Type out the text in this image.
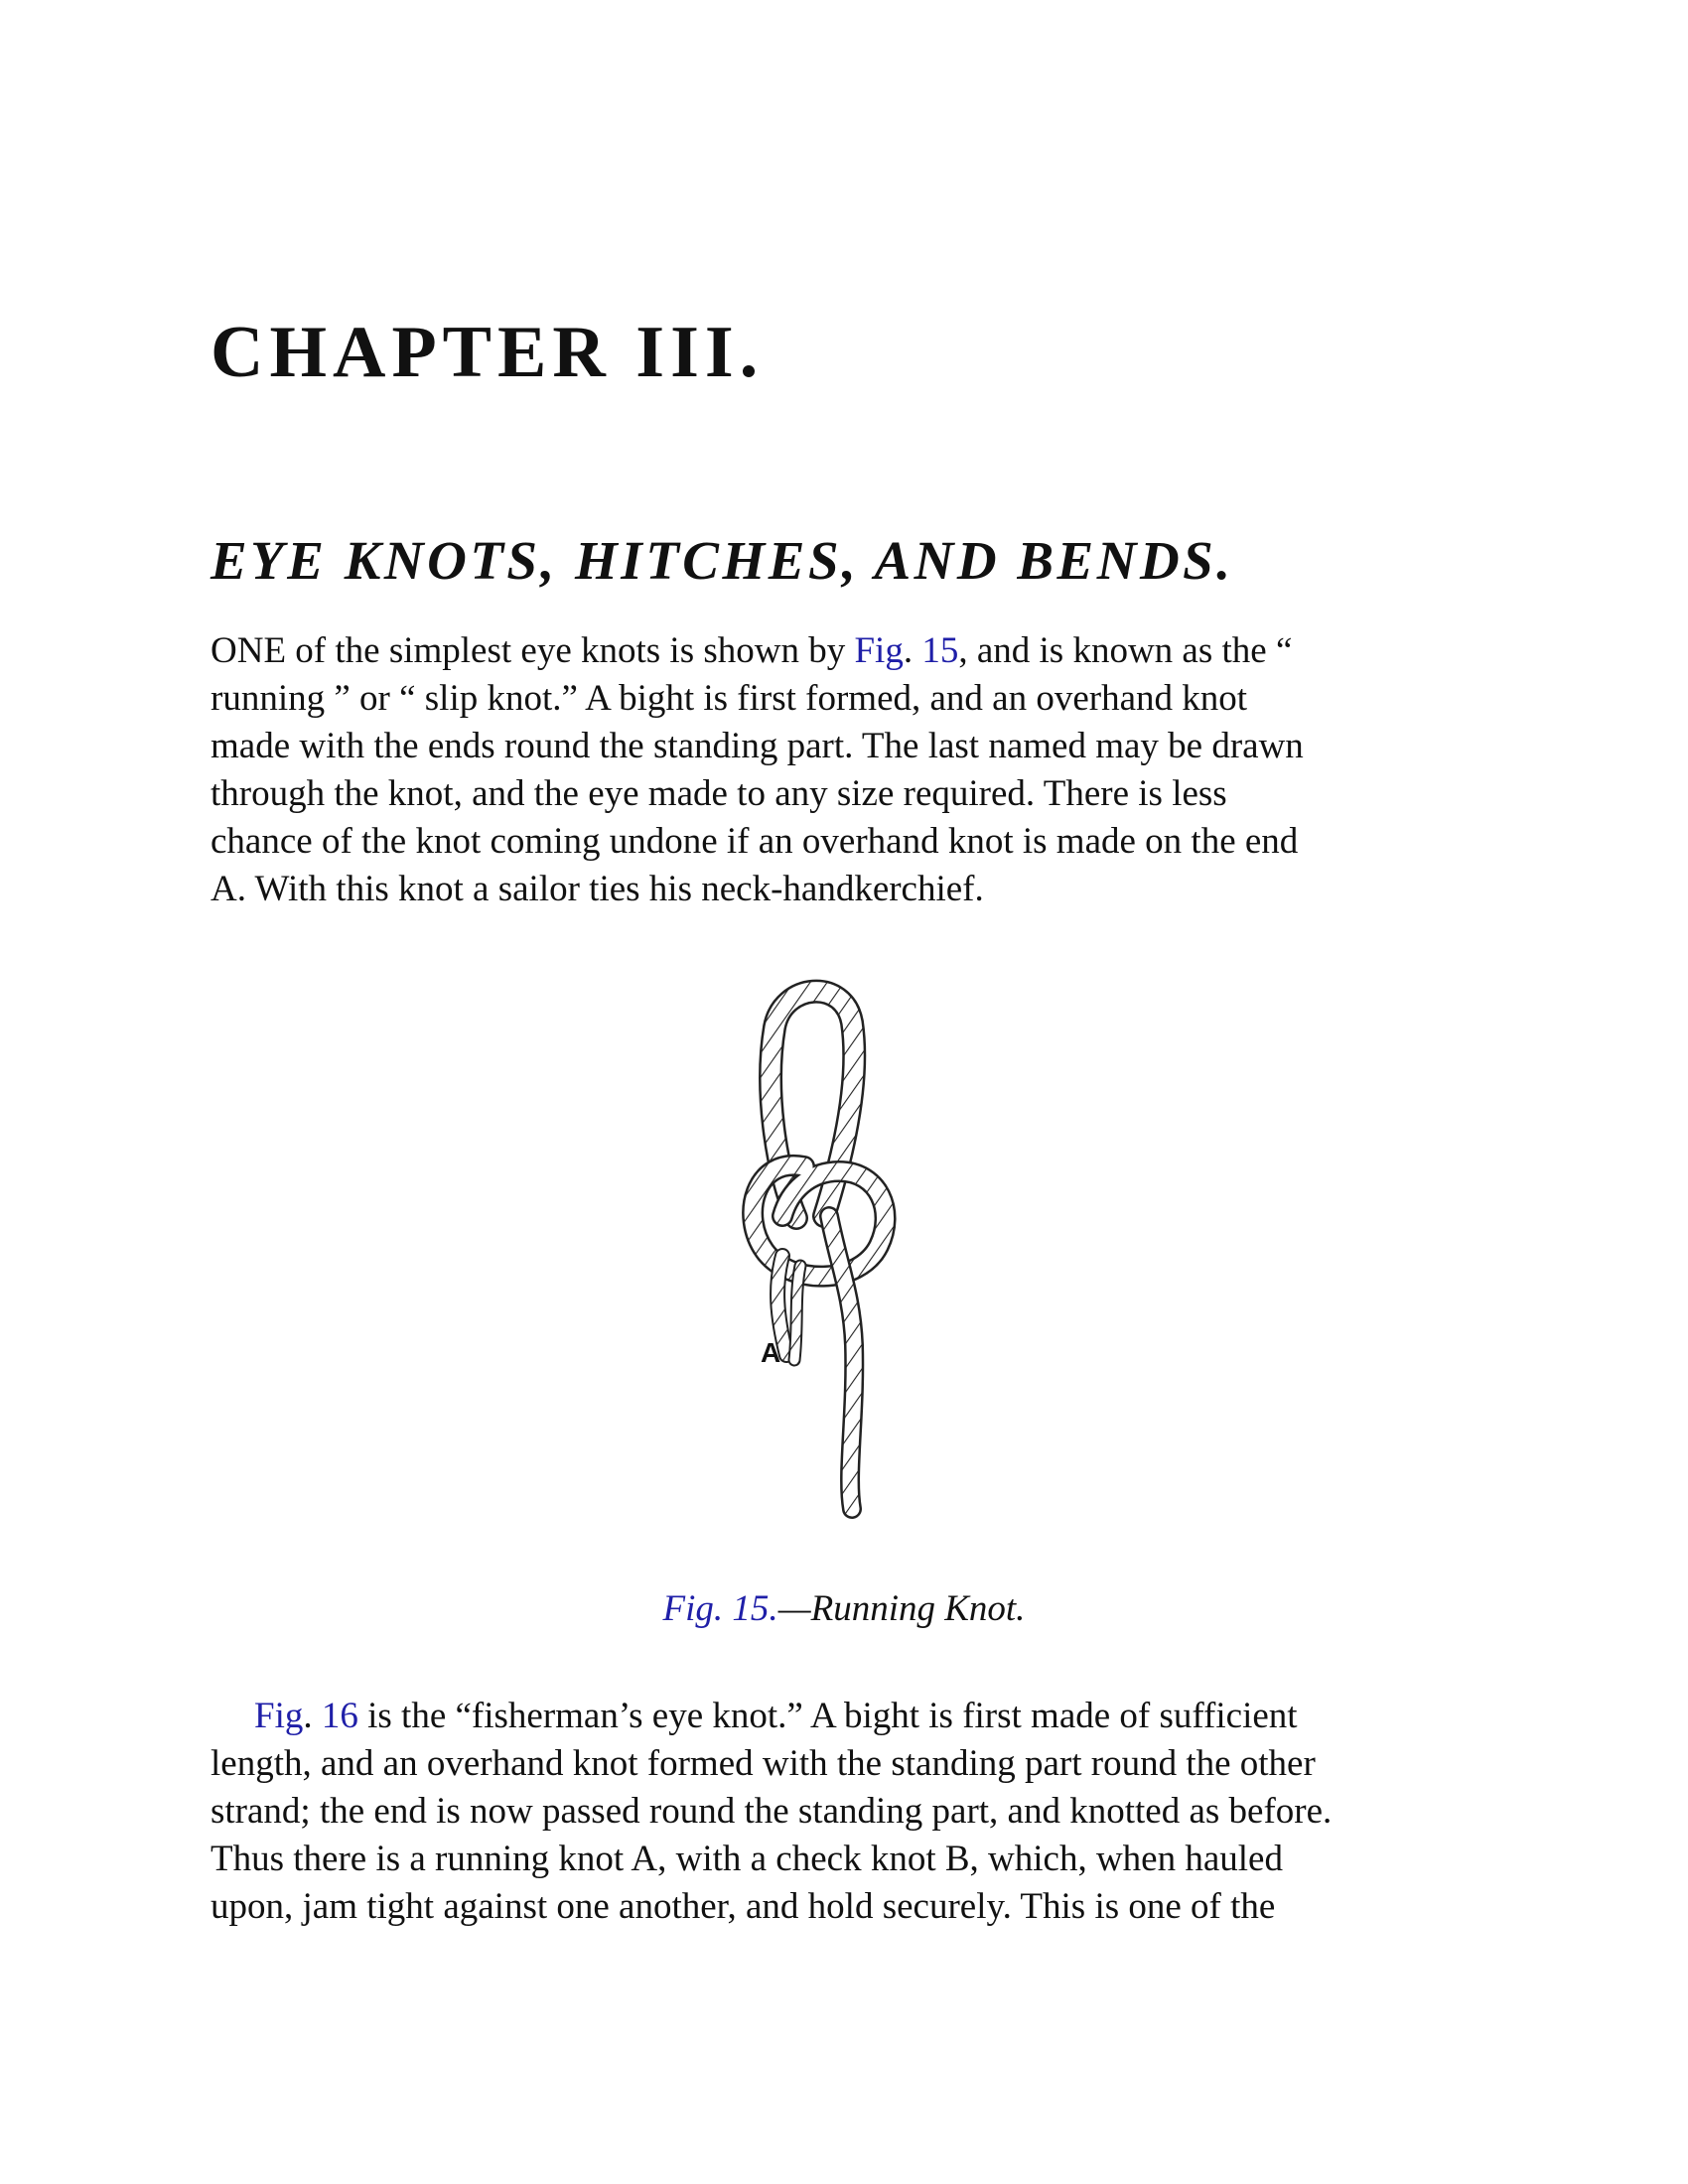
CHAPTER III.
EYE KNOTS, HITCHES, AND BENDS.

ONE of the simplest eye knots is shown by Fig. 15, and is known as the “
running ” or “ slip knot.” A bight is first formed, and an overhand knot
made with the ends round the standing part. The last named may be drawn
through the knot, and the eye made to any size required. There is less
chance of the knot coming undone if an overhand knot is made on the end
A. With this knot a sailor ties his neck-handkerchief.

A

Fig. 15.—Running Knot.

Fig. 16 is the “fisherman’s eye knot.” A bight is first made of sufficient
length, and an overhand knot formed with the standing part round the other
strand; the end is now passed round the standing part, and knotted as before.
Thus there is a running knot A, with a check knot B, which, when hauled
upon, jam tight against one another, and hold securely. This is one of the
